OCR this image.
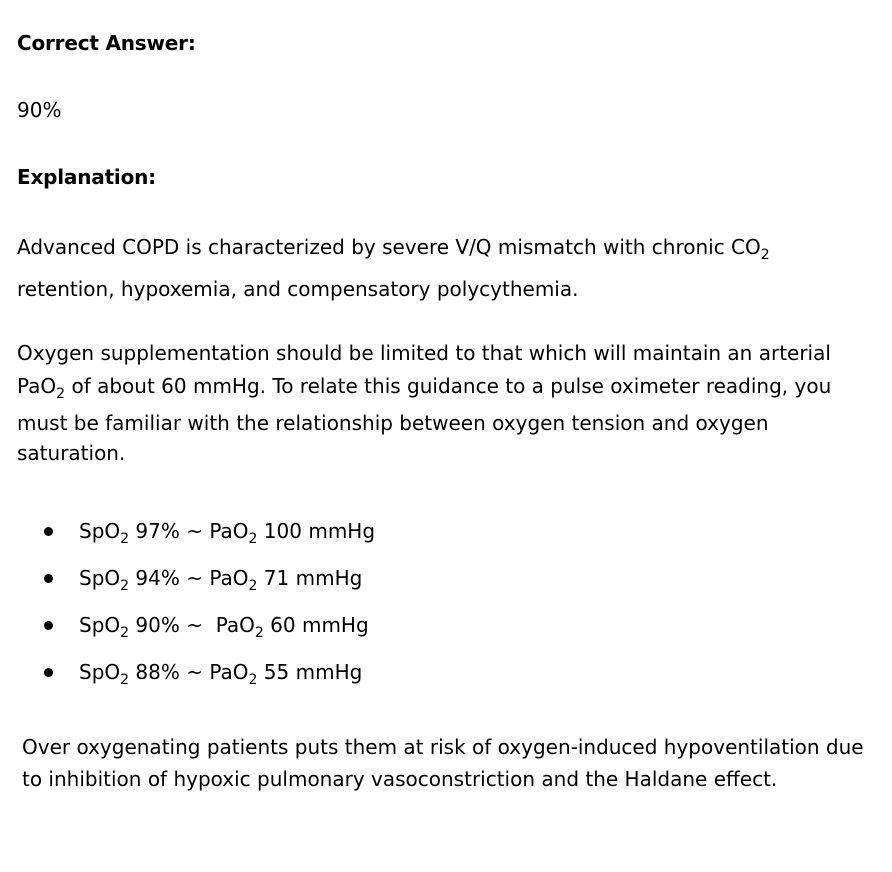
Correct Answer:
90%
Explanation:
Advanced COPD is characterized by severe V/Q mismatch with chronic $CO_2$
retention, hypoxemia, and compensatory polycythemia.
Oxygen supplementation should be limited to that which will maintain an arterial
PaO$_2$ of about 60 mmHg. To relate this guidance to a pulse oximeter reading, you
must be familiar with the relationship between oxygen tension and oxygen
saturation.
SpO$_2$ 97% ~ PaO$_2$ 100 mmHg
SpO$_2$ 94% ~ PaO$_2$ 71 mmHg
SpO$_2$ 90% ~  PaO$_2$ 60 mmHg
SpO$_2$ 88% ~ PaO$_2$ 55 mmHg
Over oxygenating patients puts them at risk of oxygen-induced hypoventilation due
to inhibition of hypoxic pulmonary vasoconstriction and the Haldane effect.
